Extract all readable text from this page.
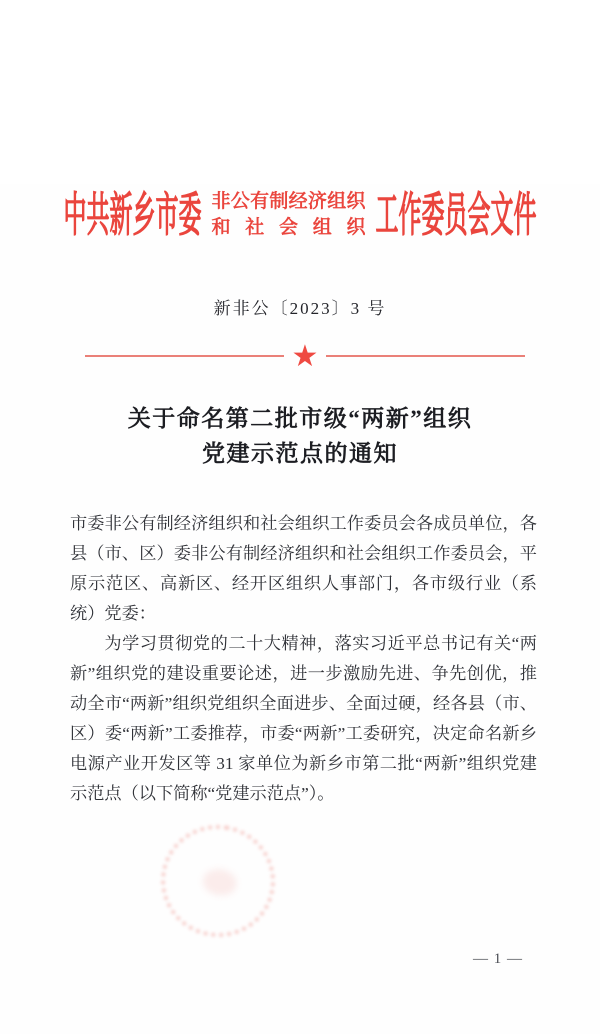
中共新乡市委 非公有制经济组织
和社会组织 工作委员会文件
新非公〔2023〕3 号
★
关于命名第二批市级“两新”组织
党建示范点的通知

市委非公有制经济组织和社会组织工作委员会各成员单位，各县（市、区）委非公有制经济组织和社会组织工作委员会，平原示范区、高新区、经开区组织人事部门，各市级行业（系统）党委：

为学习贯彻党的二十大精神，落实习近平总书记有关“两新”组织党的建设重要论述，进一步激励先进、争先创优，推动全市“两新”组织党组织全面进步、全面过硬，经各县（市、区）委“两新”工委推荐，市委“两新”工委研究，决定命名新乡电源产业开发区等 31 家单位为新乡市第二批“两新”组织党建示范点（以下简称“党建示范点”）。

— 1 —
